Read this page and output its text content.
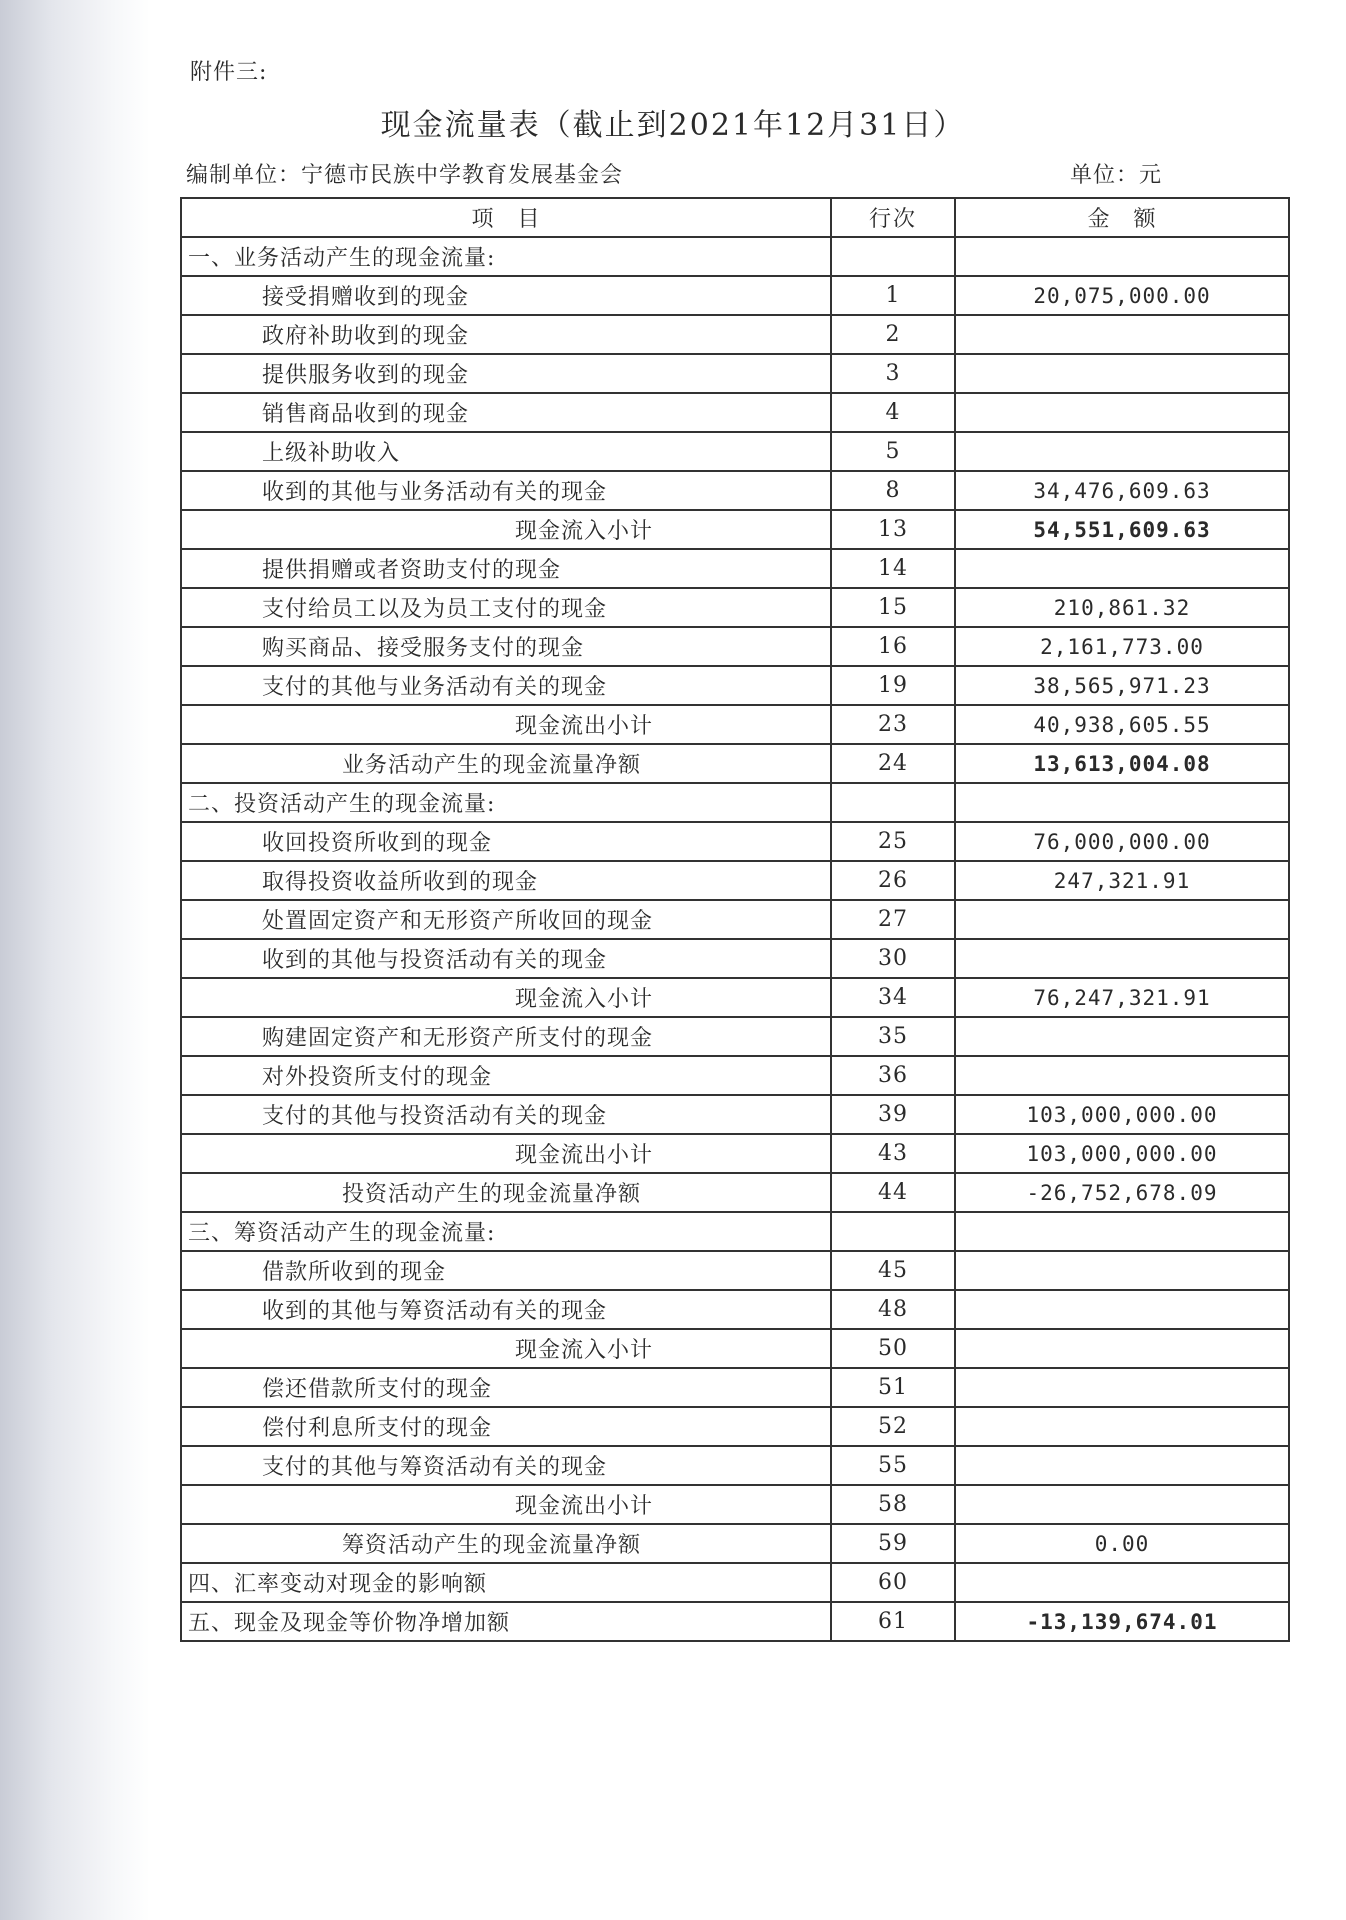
附件三:
现金流量表（截止到2021年12月31日）
编制单位：宁德市民族中学教育发展基金会	单位：元
项　目	行次	金　额
一、业务活动产生的现金流量:		
接受捐赠收到的现金	1	20,075,000.00
政府补助收到的现金	2	
提供服务收到的现金	3	
销售商品收到的现金	4	
上级补助收入	5	
收到的其他与业务活动有关的现金	8	34,476,609.63
现金流入小计	13	54,551,609.63
提供捐赠或者资助支付的现金	14	
支付给员工以及为员工支付的现金	15	210,861.32
购买商品、接受服务支付的现金	16	2,161,773.00
支付的其他与业务活动有关的现金	19	38,565,971.23
现金流出小计	23	40,938,605.55
业务活动产生的现金流量净额	24	13,613,004.08
二、投资活动产生的现金流量:		
收回投资所收到的现金	25	76,000,000.00
取得投资收益所收到的现金	26	247,321.91
处置固定资产和无形资产所收回的现金	27	
收到的其他与投资活动有关的现金	30	
现金流入小计	34	76,247,321.91
购建固定资产和无形资产所支付的现金	35	
对外投资所支付的现金	36	
支付的其他与投资活动有关的现金	39	103,000,000.00
现金流出小计	43	103,000,000.00
投资活动产生的现金流量净额	44	-26,752,678.09
三、筹资活动产生的现金流量:		
借款所收到的现金	45	
收到的其他与筹资活动有关的现金	48	
现金流入小计	50	
偿还借款所支付的现金	51	
偿付利息所支付的现金	52	
支付的其他与筹资活动有关的现金	55	
现金流出小计	58	
筹资活动产生的现金流量净额	59	0.00
四、汇率变动对现金的影响额	60	
五、现金及现金等价物净增加额	61	-13,139,674.01
